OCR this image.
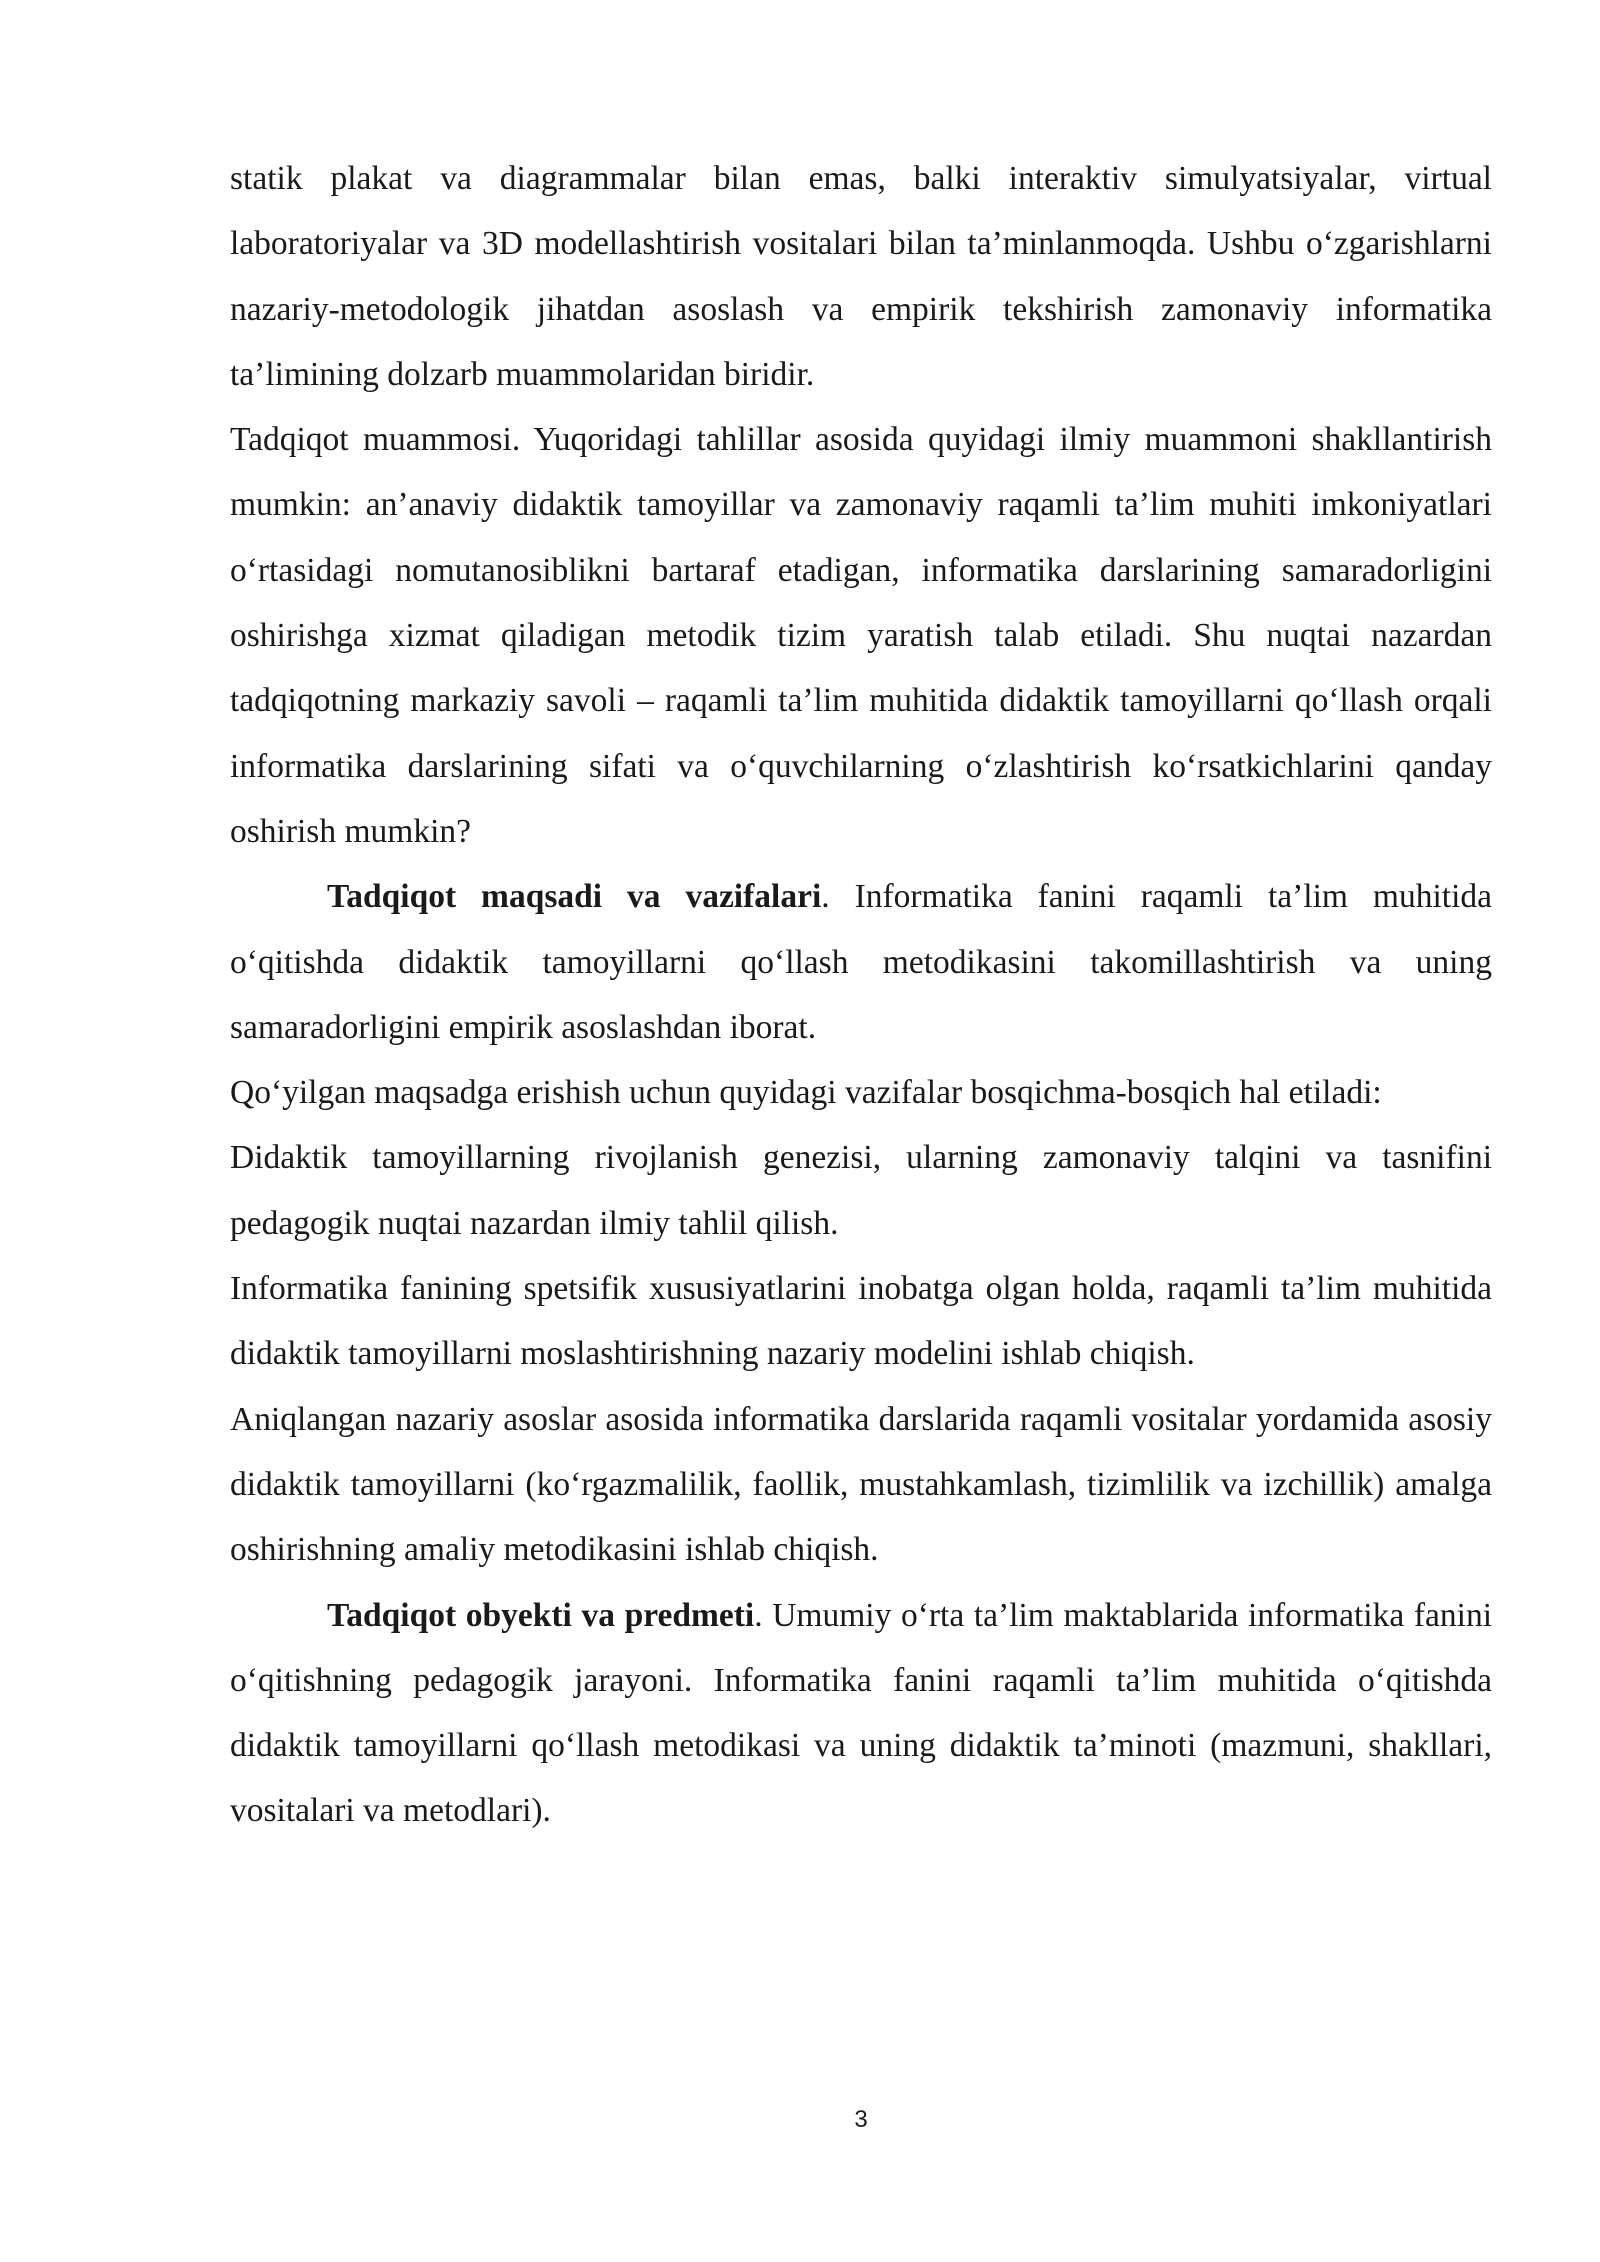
statik plakat va diagrammalar bilan emas, balki interaktiv simulyatsiyalar, virtual laboratoriyalar va 3D modellashtirish vositalari bilan ta’minlanmoqda. Ushbu o‘zgarishlarni nazariy-metodologik jihatdan asoslash va empirik tekshirish zamonaviy informatika ta’limining dolzarb muammolaridan biridir.

Tadqiqot muammosi. Yuqoridagi tahlillar asosida quyidagi ilmiy muammoni shakllantirish mumkin: an’anaviy didaktik tamoyillar va zamonaviy raqamli ta’lim muhiti imkoniyatlari o‘rtasidagi nomutanosiblikni bartaraf etadigan, informatika darslarining samaradorligini oshirishga xizmat qiladigan metodik tizim yaratish talab etiladi. Shu nuqtai nazardan tadqiqotning markaziy savoli – raqamli ta’lim muhitida didaktik tamoyillarni qo‘llash orqali informatika darslarining sifati va o‘quvchilarning o‘zlashtirish ko‘rsatkichlarini qanday oshirish mumkin?

Tadqiqot maqsadi va vazifalari. Informatika fanini raqamli ta’lim muhitida o‘qitishda didaktik tamoyillarni qo‘llash metodikasini takomillashtirish va uning samaradorligini empirik asoslashdan iborat.

Qo‘yilgan maqsadga erishish uchun quyidagi vazifalar bosqichma-bosqich hal etiladi:

Didaktik tamoyillarning rivojlanish genezisi, ularning zamonaviy talqini va tasnifini pedagogik nuqtai nazardan ilmiy tahlil qilish.

Informatika fanining spetsifik xususiyatlarini inobatga olgan holda, raqamli ta’lim muhitida didaktik tamoyillarni moslashtirishning nazariy modelini ishlab chiqish.

Aniqlangan nazariy asoslar asosida informatika darslarida raqamli vositalar yordamida asosiy didaktik tamoyillarni (ko‘rgazmalilik, faollik, mustahkamlash, tizimlilik va izchillik) amalga oshirishning amaliy metodikasini ishlab chiqish.

Tadqiqot obyekti va predmeti. Umumiy o‘rta ta’lim maktablarida informatika fanini o‘qitishning pedagogik jarayoni. Informatika fanini raqamli ta’lim muhitida o‘qitishda didaktik tamoyillarni qo‘llash metodikasi va uning didaktik ta’minoti (mazmuni, shakllari, vositalari va metodlari).

3
